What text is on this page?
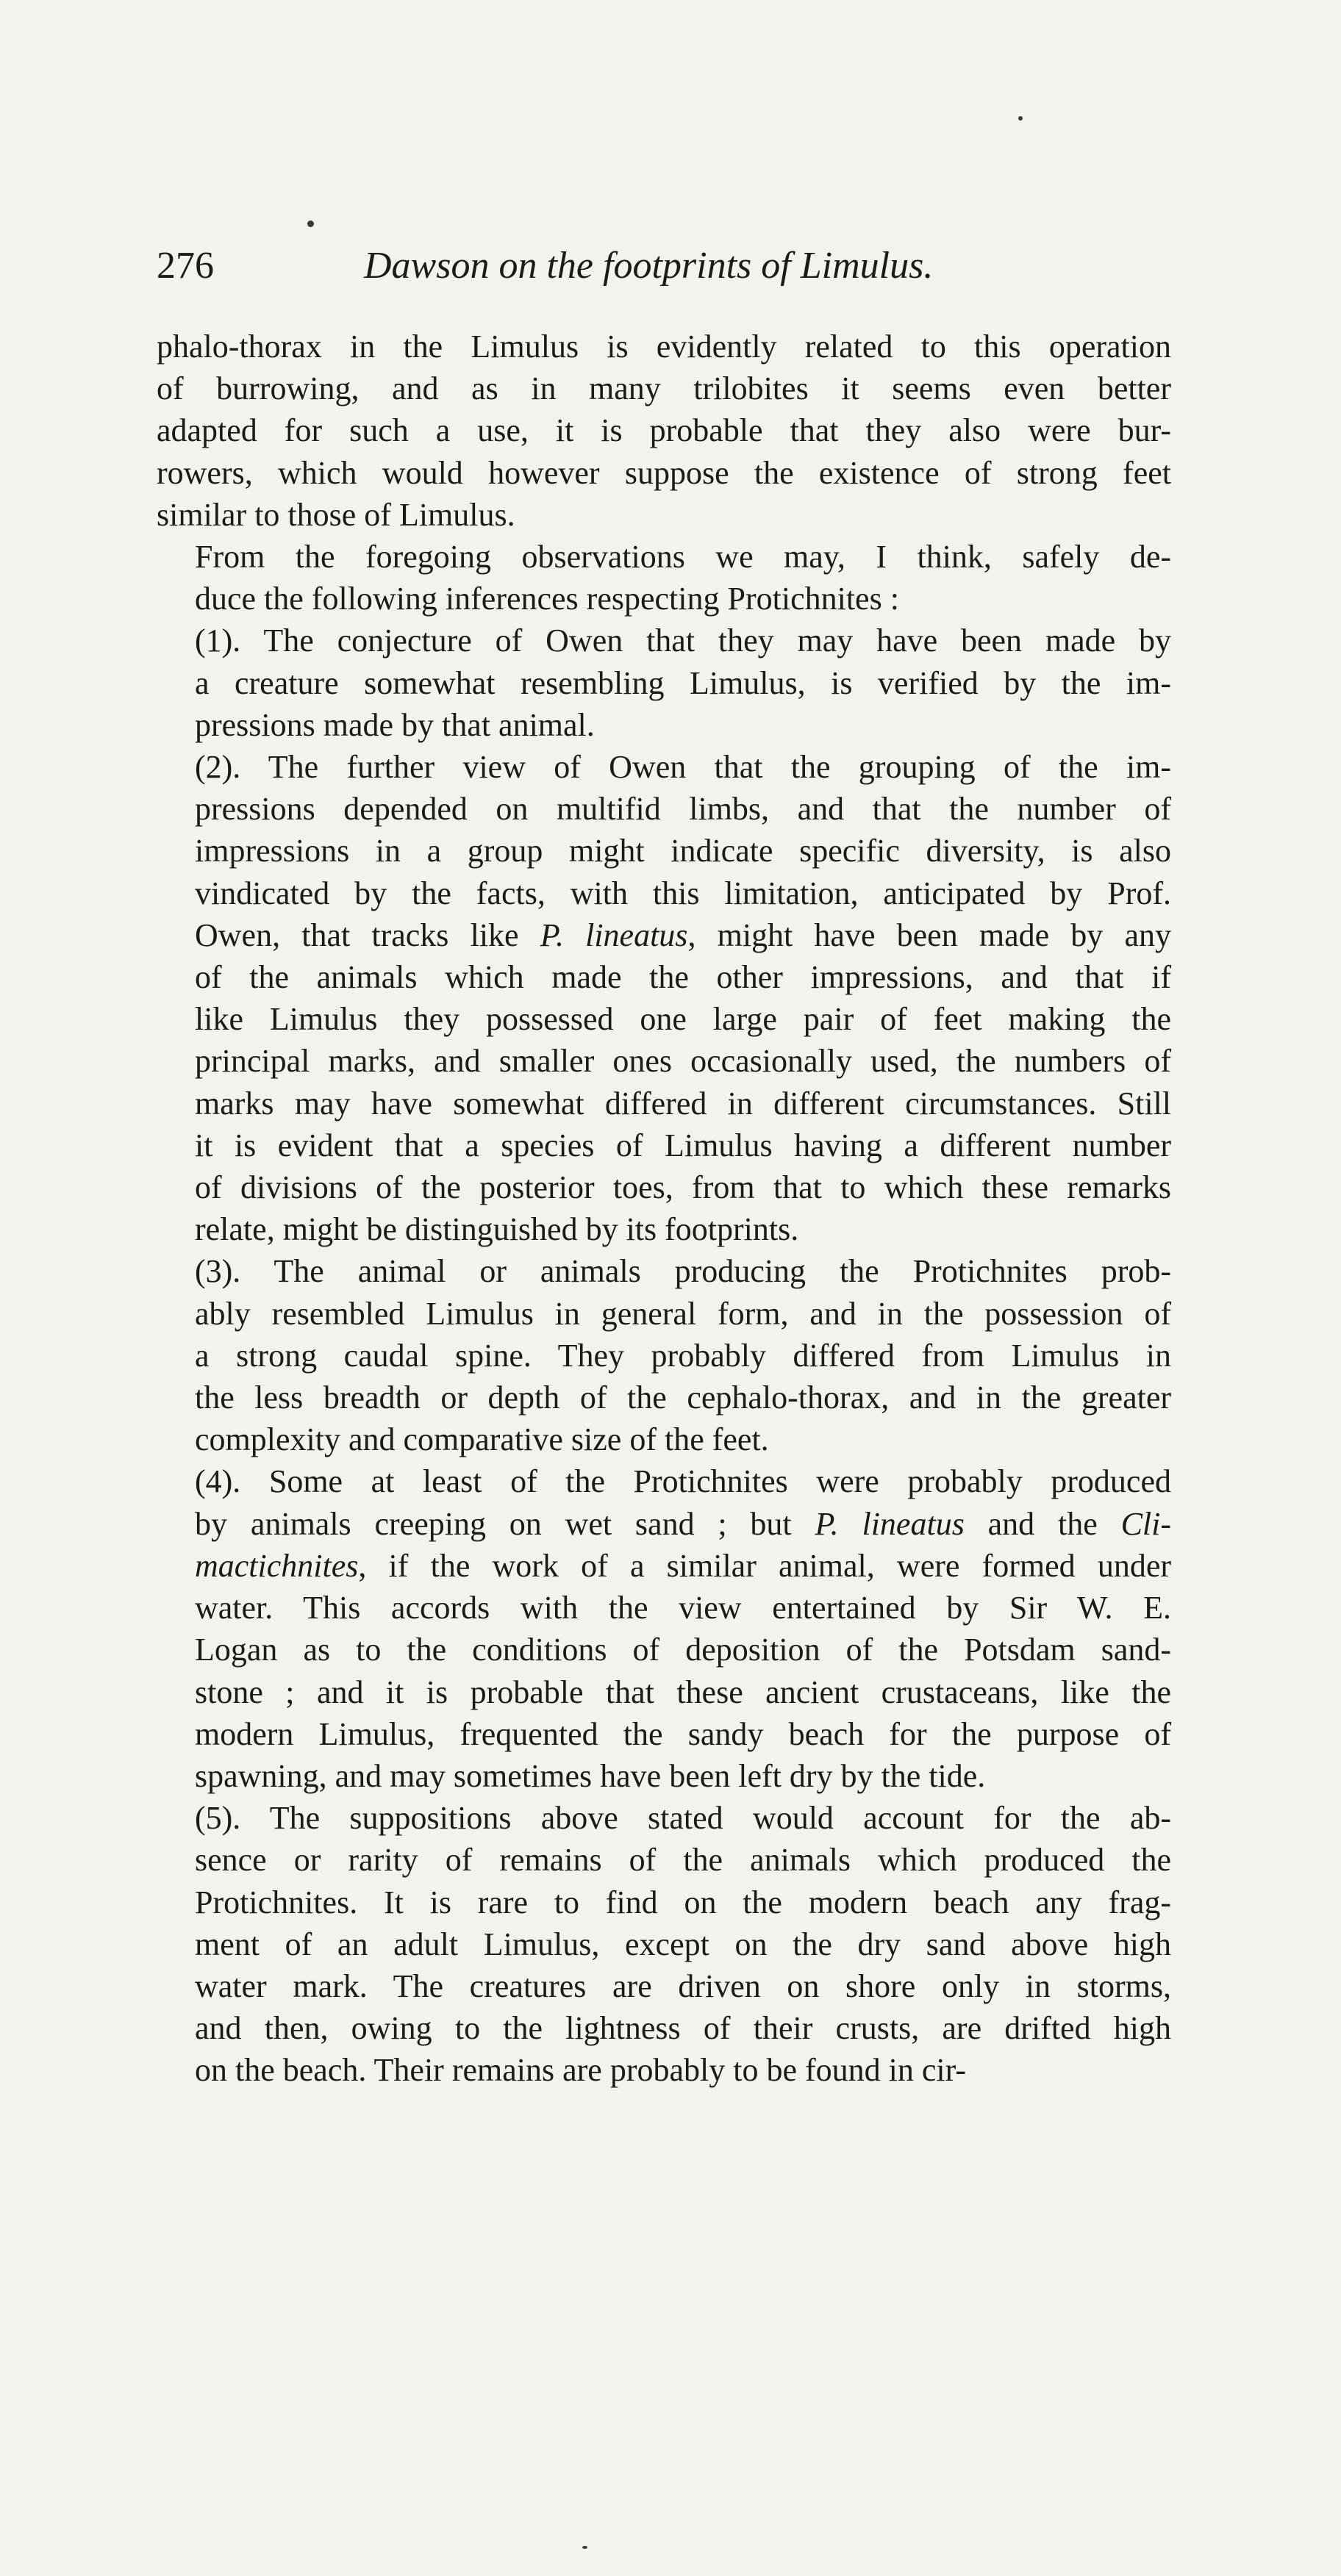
276	Dawson on the footprints of Limulus.
phalo-thorax in the Limulus is evidently related to this operation
of burrowing, and as in many trilobites it seems even better
adapted for such a use, it is probable that they also were bur-
rowers, which would however suppose the existence of strong feet
similar to those of Limulus.
From the foregoing observations we may, I think, safely de-
duce the following inferences respecting Protichnites :
(1). The conjecture of Owen that they may have been made by
a creature somewhat resembling Limulus, is verified by the im-
pressions made by that animal.
(2). The further view of Owen that the grouping of the im-
pressions depended on multifid limbs, and that the number of
impressions in a group might indicate specific diversity, is also
vindicated by the facts, with this limitation, anticipated by Prof.
Owen, that tracks like P. lineatus, might have been made by any
of the animals which made the other impressions, and that if
like Limulus they possessed one large pair of feet making the
principal marks, and smaller ones occasionally used, the numbers of
marks may have somewhat differed in different circumstances. Still
it is evident that a species of Limulus having a different number
of divisions of the posterior toes, from that to which these remarks
relate, might be distinguished by its footprints.
(3). The animal or animals producing the Protichnites prob-
ably resembled Limulus in general form, and in the possession of
a strong caudal spine. They probably differed from Limulus in
the less breadth or depth of the cephalo-thorax, and in the greater
complexity and comparative size of the feet.
(4). Some at least of the Protichnites were probably produced
by animals creeping on wet sand ; but P. lineatus and the Cli-
mactichnites, if the work of a similar animal, were formed under
water. This accords with the view entertained by Sir W. E.
Logan as to the conditions of deposition of the Potsdam sand-
stone ; and it is probable that these ancient crustaceans, like the
modern Limulus, frequented the sandy beach for the purpose of
spawning, and may sometimes have been left dry by the tide.
(5). The suppositions above stated would account for the ab-
sence or rarity of remains of the animals which produced the
Protichnites. It is rare to find on the modern beach any frag-
ment of an adult Limulus, except on the dry sand above high
water mark. The creatures are driven on shore only in storms,
and then, owing to the lightness of their crusts, are drifted high
on the beach. Their remains are probably to be found in cir-
